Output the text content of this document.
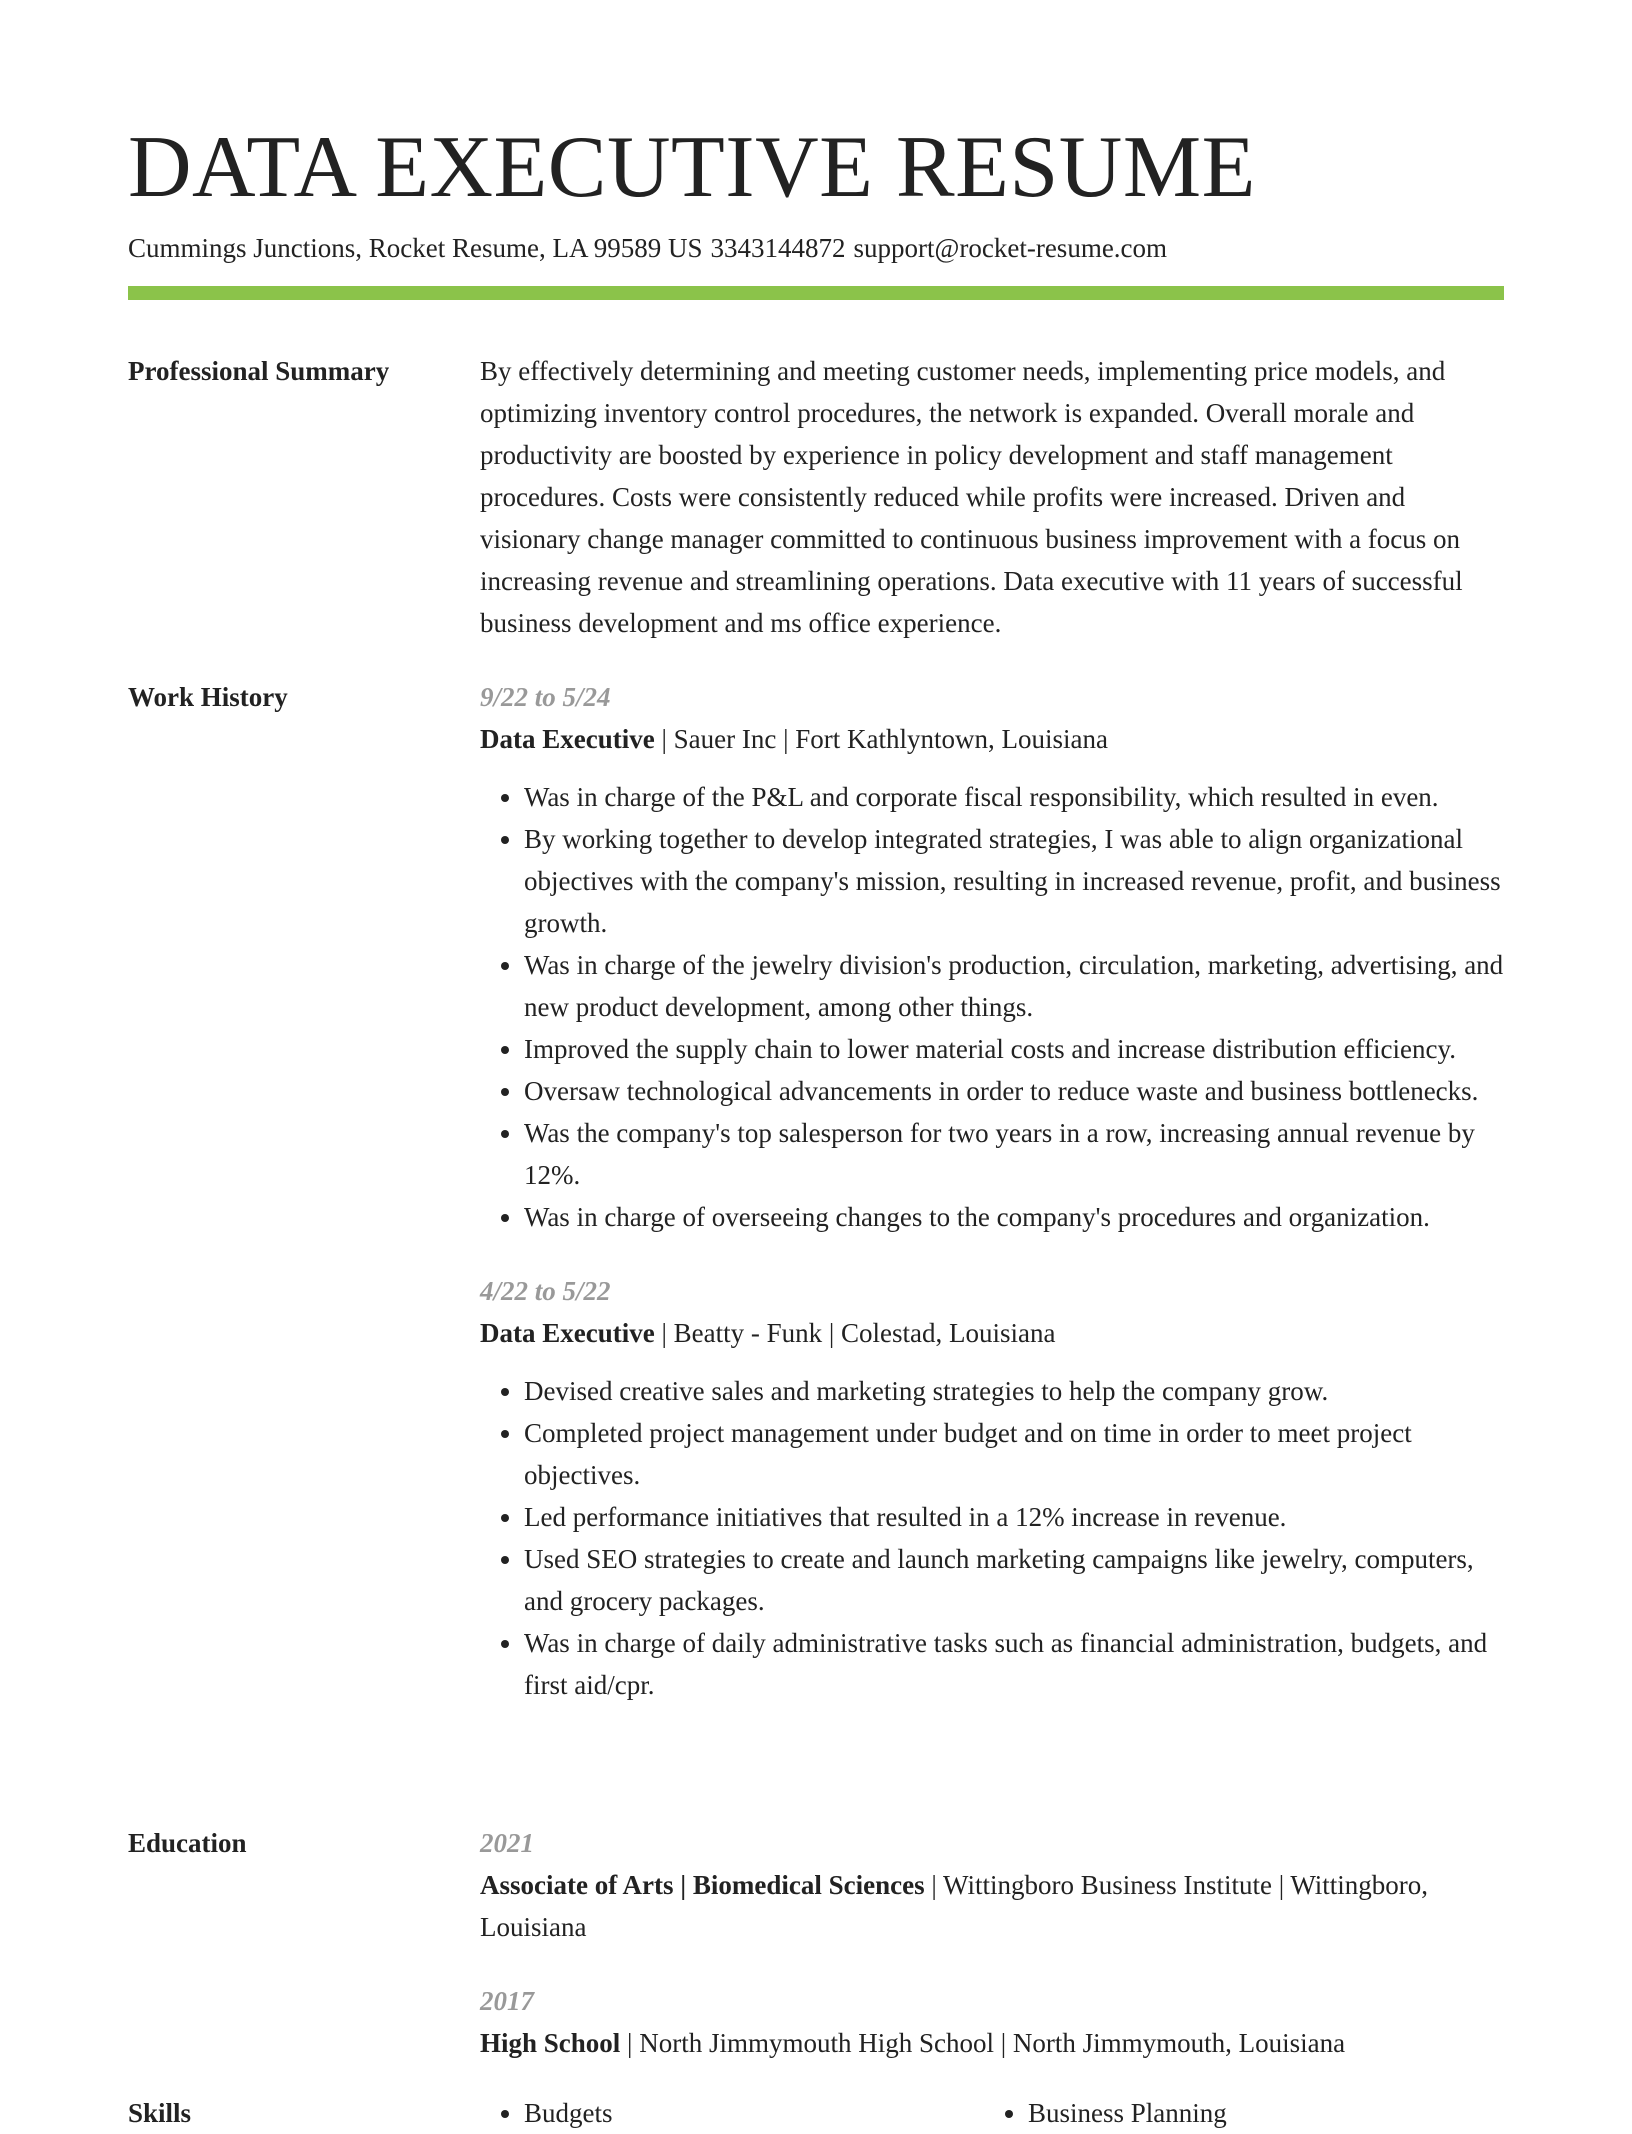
DATA EXECUTIVE RESUME
Cummings Junctions, Rocket Resume, LA 99589 US 3343144872 support@rocket-resume.com
Professional Summary	By effectively determining and meeting customer needs, implementing price models, and optimizing inventory control procedures, the network is expanded. Overall morale and productivity are boosted by experience in policy development and staff management procedures. Costs were consistently reduced while profits were increased. Driven and visionary change manager committed to continuous business improvement with a focus on increasing revenue and streamlining operations. Data executive with 11 years of successful business development and ms office experience.

Work History	9/22 to 5/24
Data Executive | Sauer Inc | Fort Kathlyntown, Louisiana
• Was in charge of the P&L and corporate fiscal responsibility, which resulted in even.
• By working together to develop integrated strategies, I was able to align organizational objectives with the company's mission, resulting in increased revenue, profit, and business growth.
• Was in charge of the jewelry division's production, circulation, marketing, advertising, and new product development, among other things.
• Improved the supply chain to lower material costs and increase distribution efficiency.
• Oversaw technological advancements in order to reduce waste and business bottlenecks.
• Was the company's top salesperson for two years in a row, increasing annual revenue by 12%.
• Was in charge of overseeing changes to the company's procedures and organization.
4/22 to 5/22
Data Executive | Beatty - Funk | Colestad, Louisiana
• Devised creative sales and marketing strategies to help the company grow.
• Completed project management under budget and on time in order to meet project objectives.
• Led performance initiatives that resulted in a 12% increase in revenue.
• Used SEO strategies to create and launch marketing campaigns like jewelry, computers, and grocery packages.
• Was in charge of daily administrative tasks such as financial administration, budgets, and first aid/cpr.
Education	2021
Associate of Arts | Biomedical Sciences | Wittingboro Business Institute | Wittingboro, Louisiana
2017
High School | North Jimmymouth High School | North Jimmymouth, Louisiana
Skills	• Budgets	• Business Planning
